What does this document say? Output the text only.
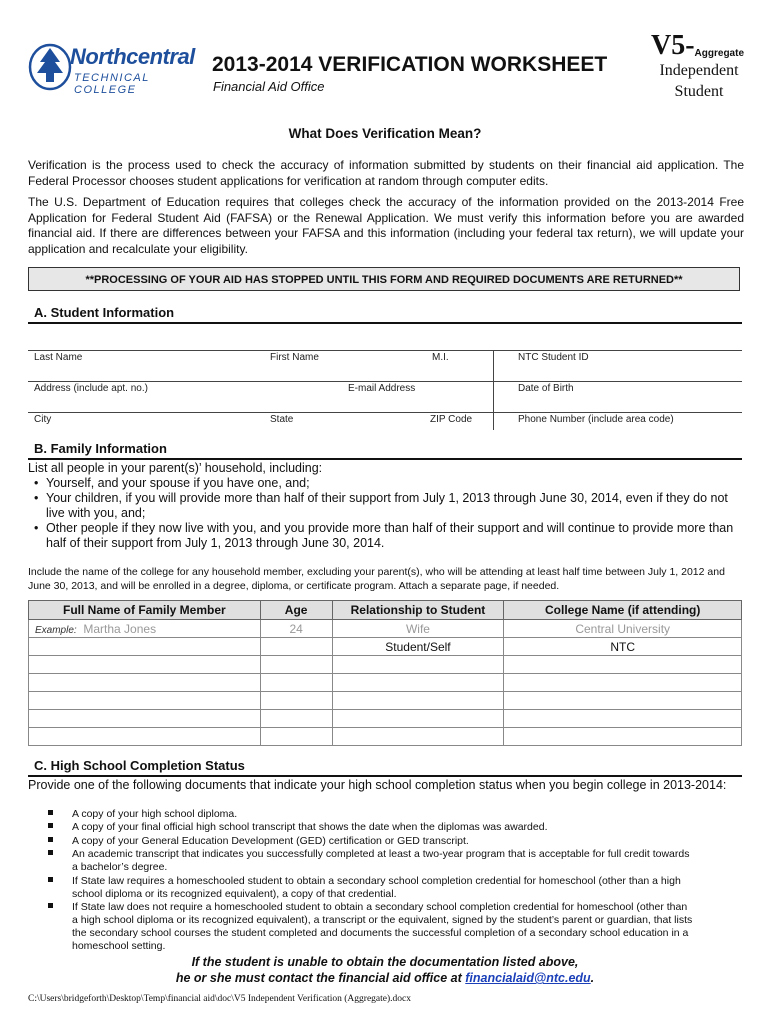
Northcentral
TECHNICAL COLLEGE
2013-2014 VERIFICATION WORKSHEET
Financial Aid Office
V5-Aggregate
Independent
Student
What Does Verification Mean?
Verification is the process used to check the accuracy of information submitted by students on their financial aid application. The Federal Processor chooses student applications for verification at random through computer edits.
The U.S. Department of Education requires that colleges check the accuracy of the information provided on the 2013-2014 Free Application for Federal Student Aid (FAFSA) or the Renewal Application. We must verify this information before you are awarded financial aid. If there are differences between your FAFSA and this information (including your federal tax return), we will update your application and recalculate your eligibility.
**PROCESSING OF YOUR AID HAS STOPPED UNTIL THIS FORM AND REQUIRED DOCUMENTS ARE RETURNED**
A. Student Information
Last Name	First Name	M.I.	NTC Student ID
Address (include apt. no.)	E-mail Address	Date of Birth
City	State	ZIP Code	Phone Number (include area code)
B. Family Information
List all people in your parent(s)’ household, including:
• Yourself, and your spouse if you have one, and;
• Your children, if you will provide more than half of their support from July 1, 2013 through June 30, 2014, even if they do not
live with you, and;
• Other people if they now live with you, and you provide more than half of their support and will continue to provide more than
half of their support from July 1, 2013 through June 30, 2014.
Include the name of the college for any household member, excluding your parent(s), who will be attending at least half time between July 1, 2012 and June 30, 2013, and will be enrolled in a degree, diploma, or certificate program. Attach a separate page, if needed.
Full Name of Family Member	Age	Relationship to Student	College Name (if attending)
Example: Martha Jones	24	Wife	Central University
		Student/Self	NTC

C. High School Completion Status
Provide one of the following documents that indicate your high school completion status when you begin college in 2013-2014:
A copy of your high school diploma.
A copy of your final official high school transcript that shows the date when the diplomas was awarded.
A copy of your General Education Development (GED) certification or GED transcript.
An academic transcript that indicates you successfully completed at least a two-year program that is acceptable for full credit towards
a bachelor’s degree.
If State law requires a homeschooled student to obtain a secondary school completion credential for homeschool (other than a high
school diploma or its recognized equivalent), a copy of that credential.
If State law does not require a homeschooled student to obtain a secondary school completion credential for homeschool (other than
a high school diploma or its recognized equivalent), a transcript or the equivalent, signed by the student’s parent or guardian, that lists
the secondary school courses the student completed and documents the successful completion of a secondary school education in a
homeschool setting.
If the student is unable to obtain the documentation listed above,
he or she must contact the financial aid office at financialaid@ntc.edu.
C:\Users\bridgeforth\Desktop\Temp\financial aid\doc\V5 Independent Verification (Aggregate).docx
